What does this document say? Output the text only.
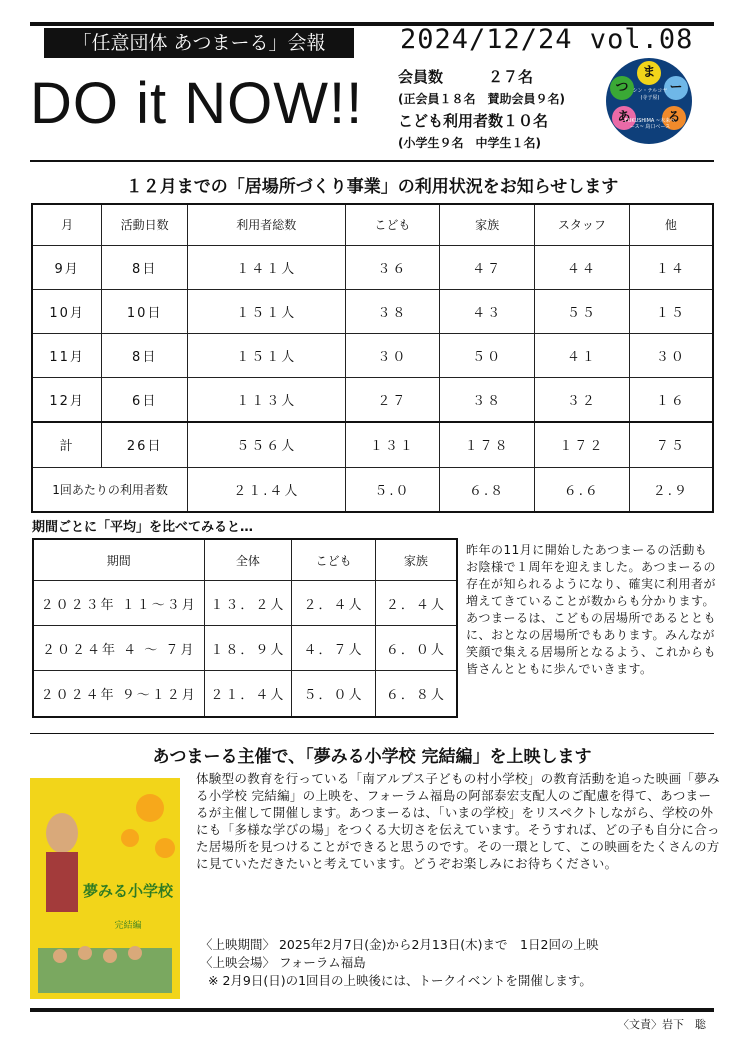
「任意団体 あつまーる」会報	2024/12/24 vol.08
DO it NOW!! 会員数　　　２７名
(正会員１８名　賛助会員９名)
こども利用者数１０名
(小学生９名　中学生１名)
ま
つ	ー
あ	る
シン・テルコヤ (寺子屋)
FUKUSHIMA ~未来ベース~ 鳥口ベース
１２月までの「居場所づくり事業」の利用状況をお知らせします
月	活動日数	利用者総数	こども	家族	スタッフ	他
9月	8日	１４１人	３６	４７	４４	１４
10月	10日	１５１人	３８	４３	５５	１５
11月	8日	１５１人	３０	５０	４１	３０
12月	6日	１１３人	２７	３８	３２	１６
計	26日	５５６人	１３１	１７８	１７２	７５
1回あたりの利用者数		２１.４人	５.０	６.８	６.６	２.９
期間ごとに「平均」を比べてみると…
期間	全体	こども	家族
２０２３年 １１～３月	１３．２人	２．４人	２．４人
２０２４年 ４ ～ ７月	１８．９人	４．７人	６．０人
２０２４年 ９～１２月	２１．４人	５．０人	６．８人
昨年の11月に開始したあつまーるの活動もお陰様で１周年を迎えました。あつまーるの存在が知られるようになり、確実に利用者が増えてきていることが数からも分かります。あつまーるは、こどもの居場所であるとともに、おとなの居場所でもあります。みんなが笑顔で集える居場所となるよう、これからも皆さんとともに歩んでいきます。
あつまーる主催で、「夢みる小学校 完結編」を上映します
夢みる小学校
完結編
体験型の教育を行っている「南アルプス子どもの村小学校」の教育活動を追った映画「夢みる小学校 完結編」の上映を、フォーラム福島の阿部泰宏支配人のご配慮を得て、あつまーるが主催して開催します。あつまーるは、「いまの学校」をリスペクトしながら、学校の外にも「多様な学びの場」をつくる大切さを伝えています。そうすれば、どの子も自分に合った居場所を見つけることができると思うのです。その一環として、この映画をたくさんの方に見ていただきたいと考えています。どうぞお楽しみにお待ちください。
〈上映期間〉 2025年2月7日(金)から2月13日(木)まで　1日2回の上映
〈上映会場〉 フォーラム福島
※ 2月9日(日)の1回目の上映後には、トークイベントを開催します。
〈文責〉岩下　聡
